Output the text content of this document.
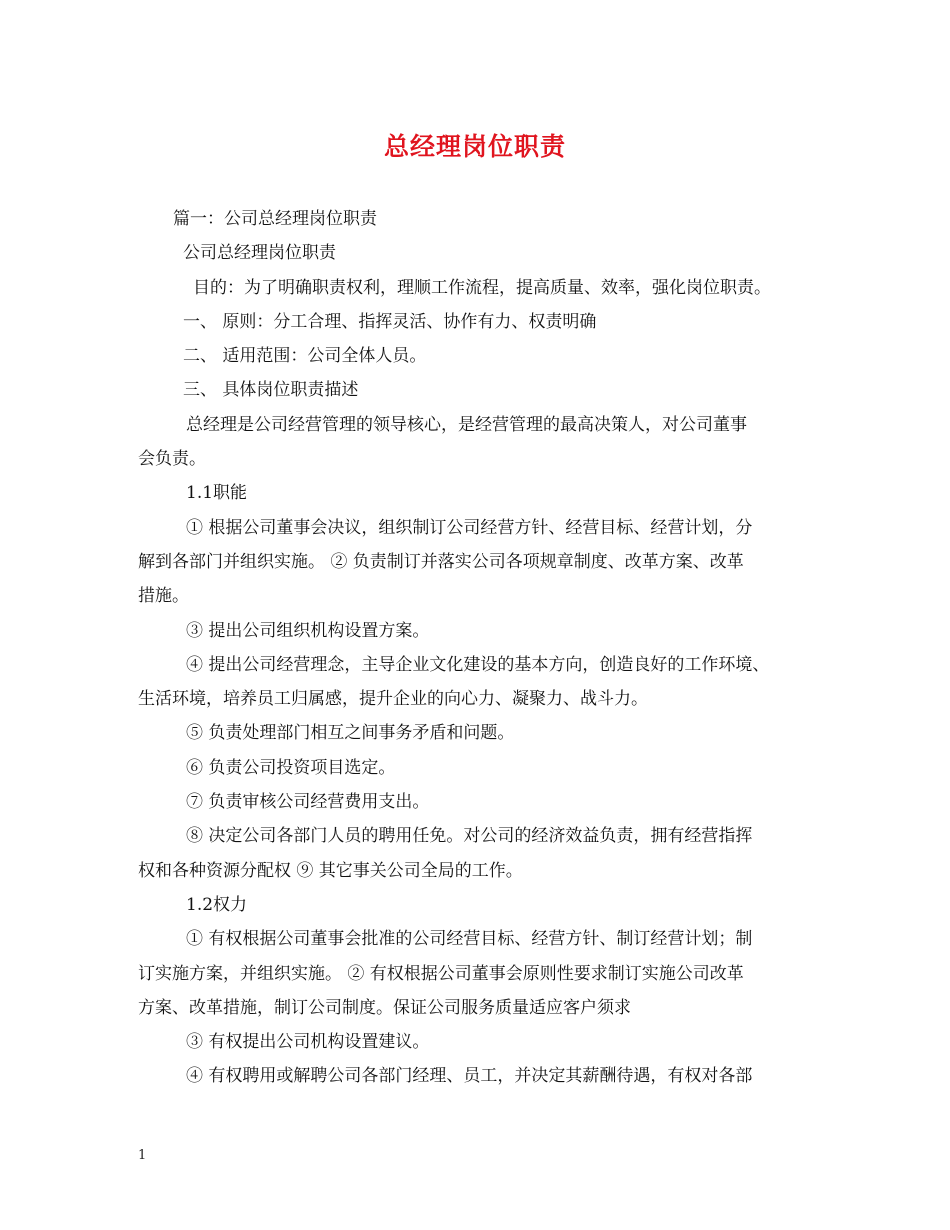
总经理岗位职责

篇一：公司总经理岗位职责

公司总经理岗位职责

目的：为了明确职责权利，理顺工作流程，提高质量、效率，强化岗位职责。

一、 原则：分工合理、指挥灵活、协作有力、权责明确

二、 适用范围：公司全体人员。

三、 具体岗位职责描述

总经理是公司经营管理的领导核心，是经营管理的最高决策人，对公司董事

会负责。

1.1职能

① 根据公司董事会决议，组织制订公司经营方针、经营目标、经营计划，分

解到各部门并组织实施。 ② 负责制订并落实公司各项规章制度、改革方案、改革

措施。

③ 提出公司组织机构设置方案。

④ 提出公司经营理念，主导企业文化建设的基本方向，创造良好的工作环境、

生活环境，培养员工归属感，提升企业的向心力、凝聚力、战斗力。

⑤ 负责处理部门相互之间事务矛盾和问题。

⑥ 负责公司投资项目选定。

⑦ 负责审核公司经营费用支出。

⑧ 决定公司各部门人员的聘用任免。对公司的经济效益负责，拥有经营指挥

权和各种资源分配权 ⑨ 其它事关公司全局的工作。

1.2权力

① 有权根据公司董事会批准的公司经营目标、经营方针、制订经营计划；制

订实施方案，并组织实施。 ② 有权根据公司董事会原则性要求制订实施公司改革

方案、改革措施，制订公司制度。保证公司服务质量适应客户须求

③ 有权提出公司机构设置建议。

④ 有权聘用或解聘公司各部门经理、员工，并决定其薪酬待遇，有权对各部

1
